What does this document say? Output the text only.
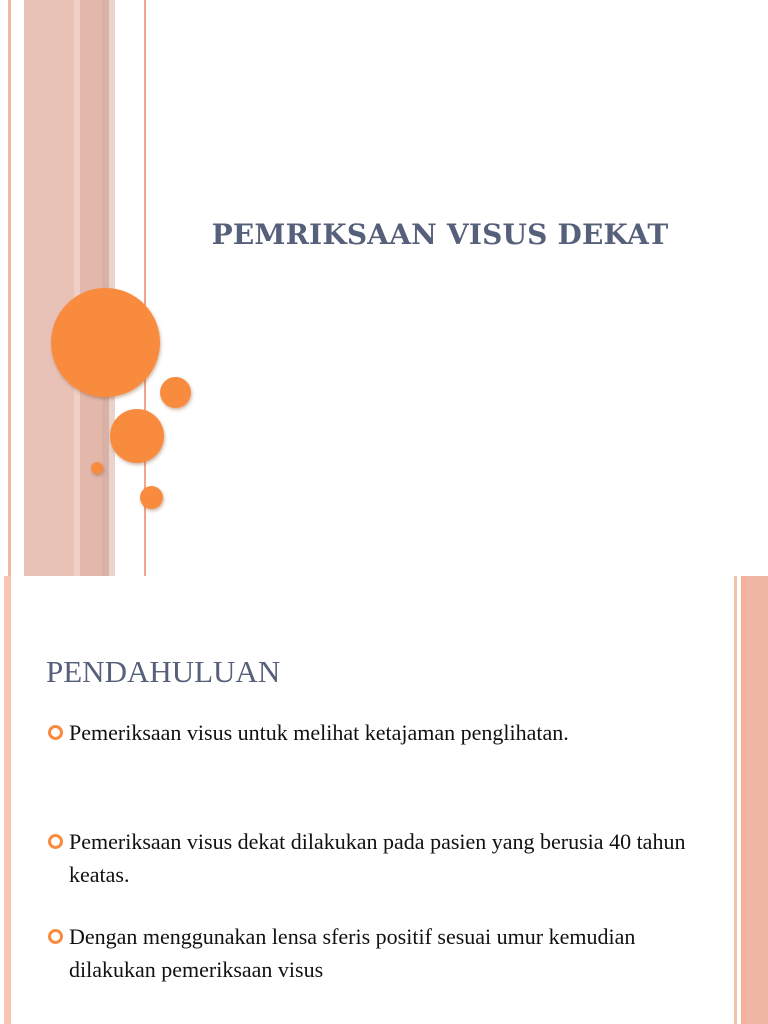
PEMRIKSAAN VISUS DEKAT
PENDAHULUAN
Pemeriksaan visus untuk melihat ketajaman penglihatan.
Pemeriksaan visus dekat dilakukan pada pasien yang berusia 40 tahun keatas.
Dengan menggunakan lensa sferis positif sesuai umur kemudian dilakukan pemeriksaan visus
